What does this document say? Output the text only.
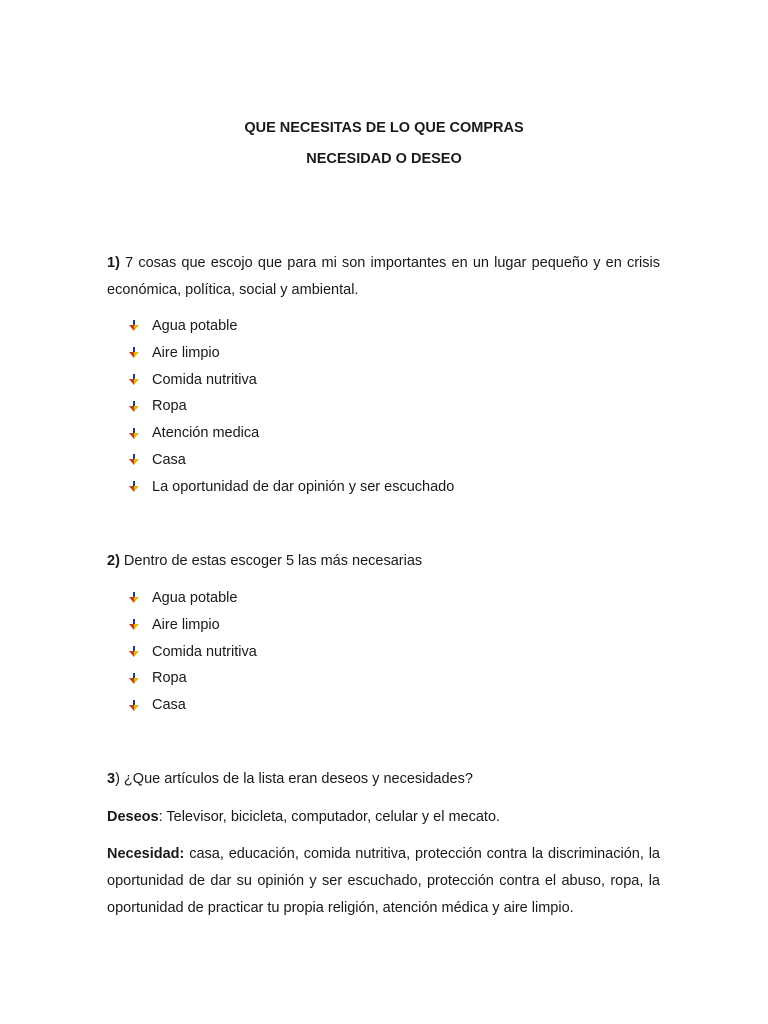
QUE NECESITAS DE LO QUE COMPRAS

NECESIDAD O DESEO

1) 7 cosas que escojo que para mi son importantes en un lugar pequeño y en crisis económica, política, social y ambiental.

Agua potable
Aire limpio
Comida nutritiva
Ropa
Atención medica
Casa
La oportunidad de dar opinión y ser escuchado

2) Dentro de estas escoger 5 las más necesarias

Agua potable
Aire limpio
Comida nutritiva
Ropa
Casa

3) ¿Que artículos de la lista eran deseos y necesidades?

Deseos: Televisor, bicicleta, computador, celular y el mecato.

Necesidad: casa, educación, comida nutritiva, protección contra la discriminación, la oportunidad de dar su opinión y ser escuchado, protección contra el abuso, ropa, la oportunidad de practicar tu propia religión, atención médica y aire limpio.
